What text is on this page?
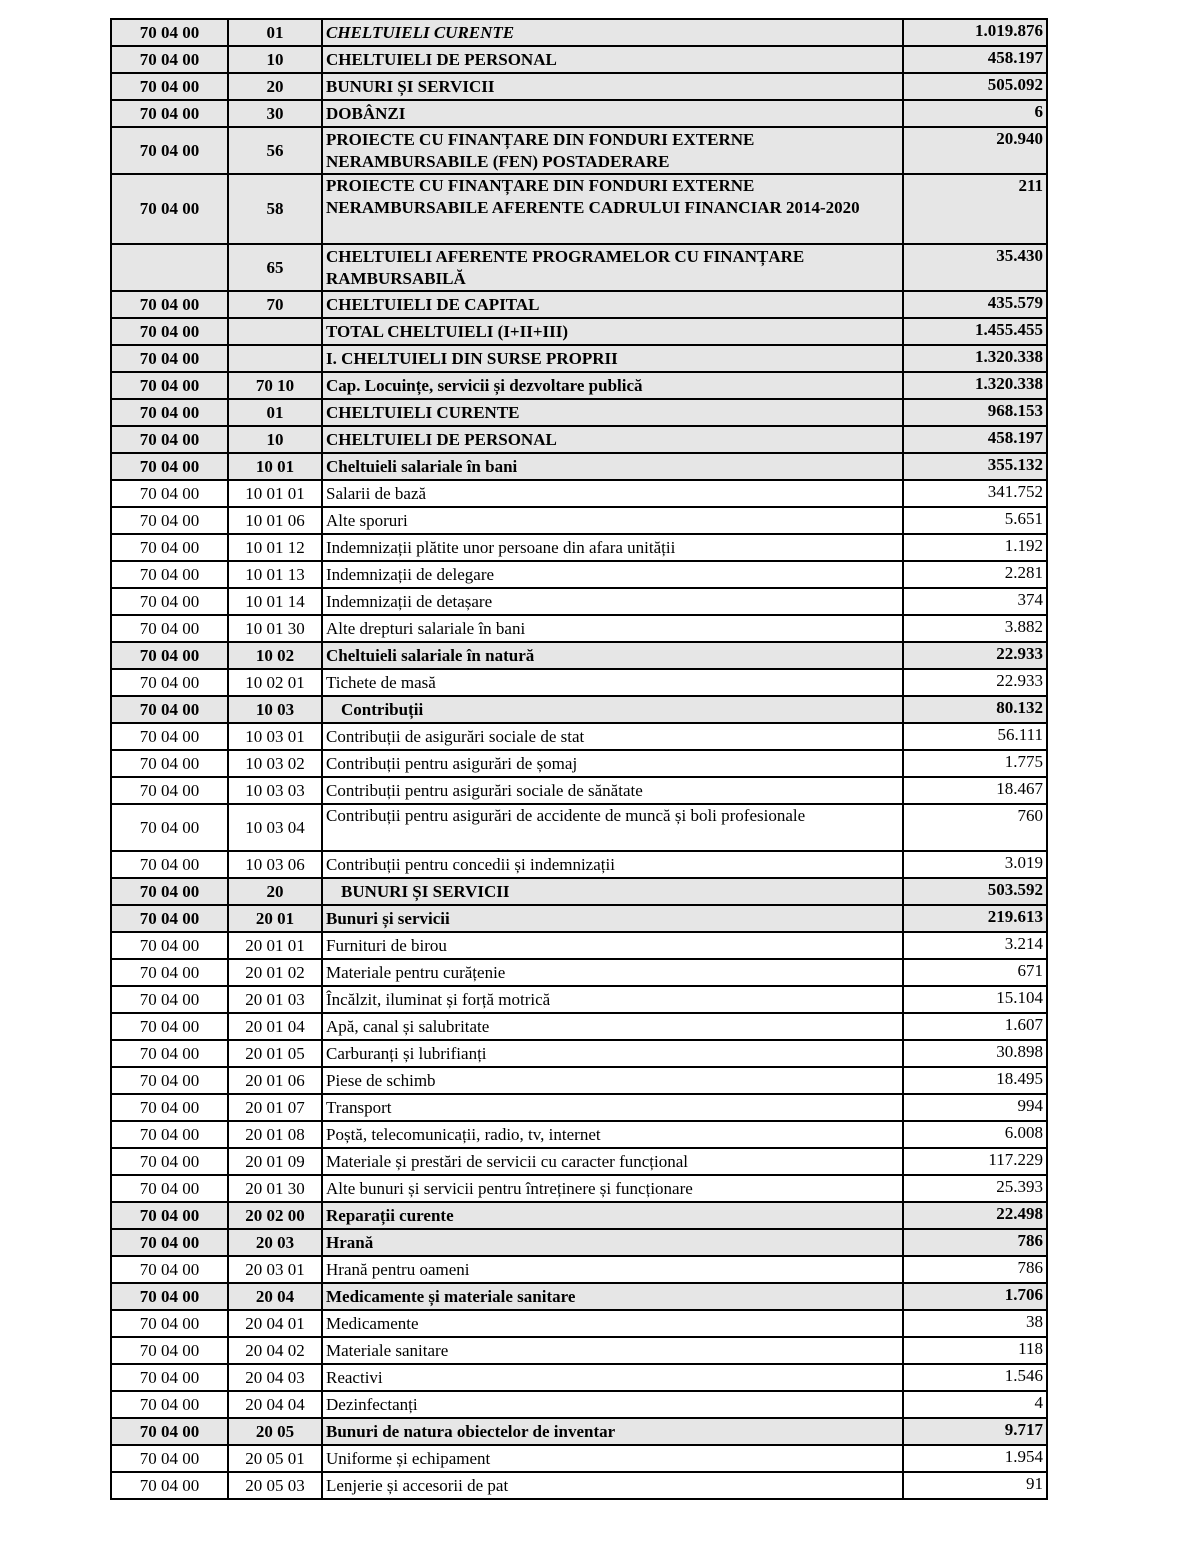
70 04 00	01	CHELTUIELI CURENTE	1.019.876
70 04 00	10	CHELTUIELI DE PERSONAL	458.197
70 04 00	20	BUNURI ȘI SERVICII	505.092
70 04 00	30	DOBÂNZI	6
70 04 00	56	PROIECTE CU FINANȚARE DIN FONDURI EXTERNE NERAMBURSABILE (FEN) POSTADERARE	20.940
70 04 00	58	PROIECTE CU FINANȚARE DIN FONDURI EXTERNE NERAMBURSABILE AFERENTE CADRULUI FINANCIAR 2014-2020	211
	65	CHELTUIELI AFERENTE PROGRAMELOR CU FINANȚARE RAMBURSABILĂ	35.430
70 04 00	70	CHELTUIELI DE CAPITAL	435.579
70 04 00		TOTAL CHELTUIELI (I+II+III)	1.455.455
70 04 00		I. CHELTUIELI DIN SURSE PROPRII	1.320.338
70 04 00	70 10	Cap. Locuințe, servicii și dezvoltare publică	1.320.338
70 04 00	01	CHELTUIELI CURENTE	968.153
70 04 00	10	CHELTUIELI DE PERSONAL	458.197
70 04 00	10 01	Cheltuieli salariale în bani	355.132
70 04 00	10 01 01	Salarii de bază	341.752
70 04 00	10 01 06	Alte sporuri	5.651
70 04 00	10 01 12	Indemnizații plătite unor persoane din afara unității	1.192
70 04 00	10 01 13	Indemnizații de delegare	2.281
70 04 00	10 01 14	Indemnizații de detașare	374
70 04 00	10 01 30	Alte drepturi salariale în bani	3.882
70 04 00	10 02	Cheltuieli salariale în natură	22.933
70 04 00	10 02 01	Tichete de masă	22.933
70 04 00	10 03	Contribuții	80.132
70 04 00	10 03 01	Contribuții de asigurări sociale de stat	56.111
70 04 00	10 03 02	Contribuții pentru asigurări de șomaj	1.775
70 04 00	10 03 03	Contribuții pentru asigurări sociale de sănătate	18.467
70 04 00	10 03 04	Contribuții pentru asigurări de accidente de muncă și boli profesionale	760
70 04 00	10 03 06	Contribuții pentru concedii și indemnizații	3.019
70 04 00	20	BUNURI ȘI SERVICII	503.592
70 04 00	20 01	Bunuri și servicii	219.613
70 04 00	20 01 01	Furnituri de birou	3.214
70 04 00	20 01 02	Materiale pentru curățenie	671
70 04 00	20 01 03	Încălzit, iluminat și forță motrică	15.104
70 04 00	20 01 04	Apă, canal și salubritate	1.607
70 04 00	20 01 05	Carburanți și lubrifianți	30.898
70 04 00	20 01 06	Piese de schimb	18.495
70 04 00	20 01 07	Transport	994
70 04 00	20 01 08	Poștă, telecomunicații, radio, tv, internet	6.008
70 04 00	20 01 09	Materiale și prestări de servicii cu caracter funcțional	117.229
70 04 00	20 01 30	Alte bunuri și servicii pentru întreținere și funcționare	25.393
70 04 00	20 02 00	Reparații curente	22.498
70 04 00	20 03	Hrană	786
70 04 00	20 03 01	Hrană pentru oameni	786
70 04 00	20 04	Medicamente și materiale sanitare	1.706
70 04 00	20 04 01	Medicamente	38
70 04 00	20 04 02	Materiale sanitare	118
70 04 00	20 04 03	Reactivi	1.546
70 04 00	20 04 04	Dezinfectanți	4
70 04 00	20 05	Bunuri de natura obiectelor de inventar	9.717
70 04 00	20 05 01	Uniforme și echipament	1.954
70 04 00	20 05 03	Lenjerie și accesorii de pat	91
